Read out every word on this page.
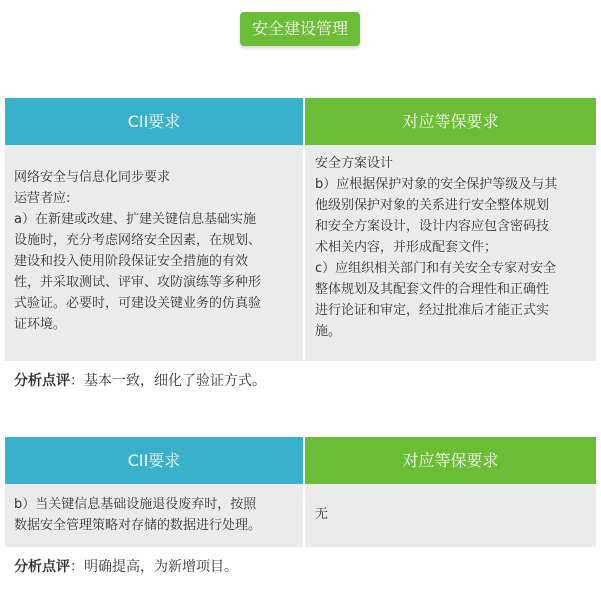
安全建设管理
CII要求	对应等保要求
网络安全与信息化同步要求
运营者应:
a）在新建或改建、扩建关键信息基础实施
设施时，充分考虑网络安全因素，在规划、
建设和投入使用阶段保证安全措施的有效
性，并采取测试、评审、攻防演练等多种形
式验证。必要时，可建设关键业务的仿真验
证环境。
安全方案设计
b）应根据保护对象的安全保护等级及与其
他级别保护对象的关系进行安全整体规划
和安全方案设计，设计内容应包含密码技
术相关内容，并形成配套文件；
c）应组织相关部门和有关安全专家对安全
整体规划及其配套文件的合理性和正确性
进行论证和审定，经过批准后才能正式实
施。
分析点评：基本一致，细化了验证方式。
CII要求	对应等保要求
b）当关键信息基础设施退役废弃时，按照
数据安全管理策略对存储的数据进行处理。
无
分析点评：明确提高，为新增项目。
